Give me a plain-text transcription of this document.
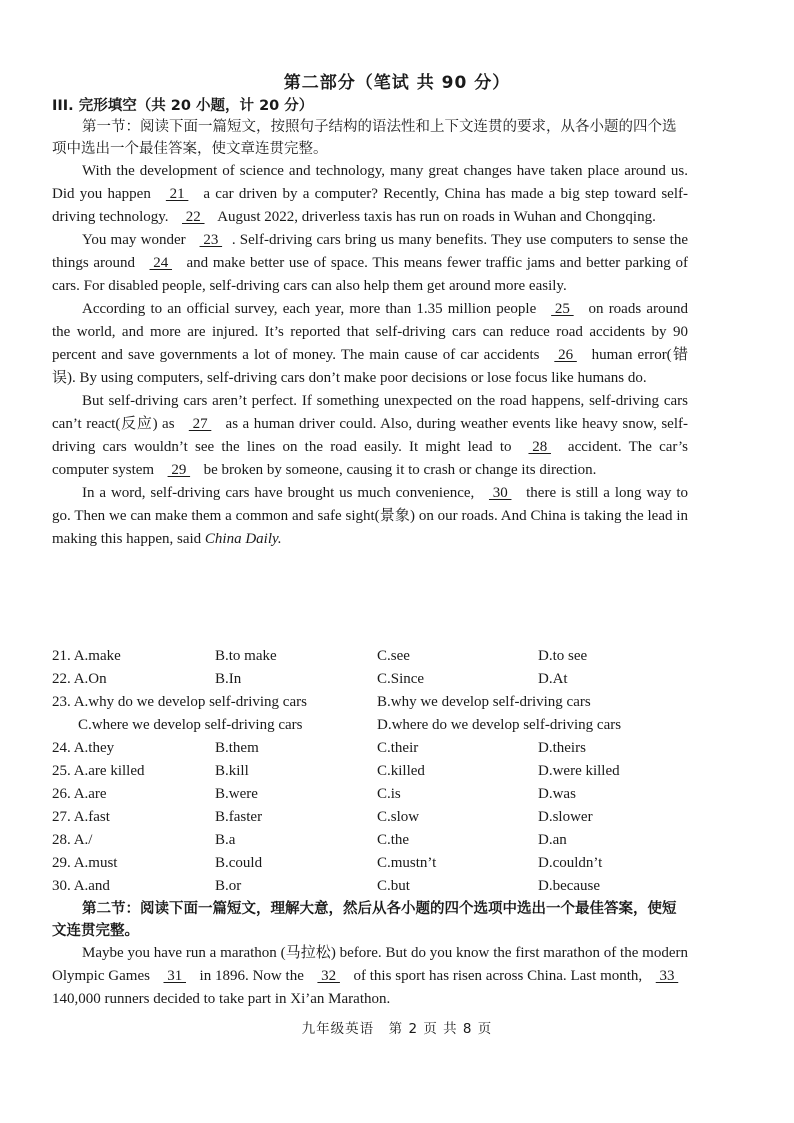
第二部分（笔试 共 90 分）
III. 完形填空（共 20 小题，计 20 分）
第一节：阅读下面一篇短文，按照句子结构的语法性和上下文连贯的要求，从各小题的四个选项中选出一个最佳答案，使文章连贯完整。

With the development of science and technology, many great changes have taken place around us. Did you happen  21  a car driven by a computer? Recently, China has made a big step toward self-driving technology.  22  August 2022, driverless taxis has run on roads in Wuhan and Chongqing.

You may wonder  23 . Self-driving cars bring us many benefits. They use computers to sense the things around  24  and make better use of space. This means fewer traffic jams and better parking of cars. For disabled people, self-driving cars can also help them get around more easily.

According to an official survey, each year, more than 1.35 million people  25  on roads around the world, and more are injured. It’s reported that self-driving cars can reduce road accidents by 90 percent and save governments a lot of money. The main cause of car accidents  26  human error(错误). By using computers, self-driving cars don’t make poor decisions or lose focus like humans do.

But self-driving cars aren’t perfect. If something unexpected on the road happens, self-driving cars can’t react(反应) as  27  as a human driver could. Also, during weather events like heavy snow, self-driving cars wouldn’t see the lines on the road easily. It might lead to  28  accident. The car’s computer system  29  be broken by someone, causing it to crash or change its direction.

In a word, self-driving cars have brought us much convenience,  30  there is still a long way to go. Then we can make them a common and safe sight(景象) on our roads. And China is taking the lead in making this happen, said China Daily.

21. A.make	B.to make	C.see	D.to see
22. A.On	B.In	C.Since	D.At
23. A.why do we develop self-driving cars	B.why we develop self-driving cars
C.where we develop self-driving cars	D.where do we develop self-driving cars
24. A.they	B.them	C.their	D.theirs
25. A.are killed	B.kill	C.killed	D.were killed
26. A.are	B.were	C.is	D.was
27. A.fast	B.faster	C.slow	D.slower
28. A./	B.a	C.the	D.an
29. A.must	B.could	C.mustn’t	D.couldn’t
30. A.and	B.or	C.but	D.because
第二节：阅读下面一篇短文，理解大意，然后从各小题的四个选项中选出一个最佳答案，使短文连贯完整。

Maybe you have run a marathon (马拉松) before. But do you know the first marathon of the modern Olympic Games  31  in 1896. Now the  32  of this sport has risen across China. Last month,  33  140,000 runners decided to take part in Xi’an Marathon.

九年级英语　第 2 页 共 8 页
